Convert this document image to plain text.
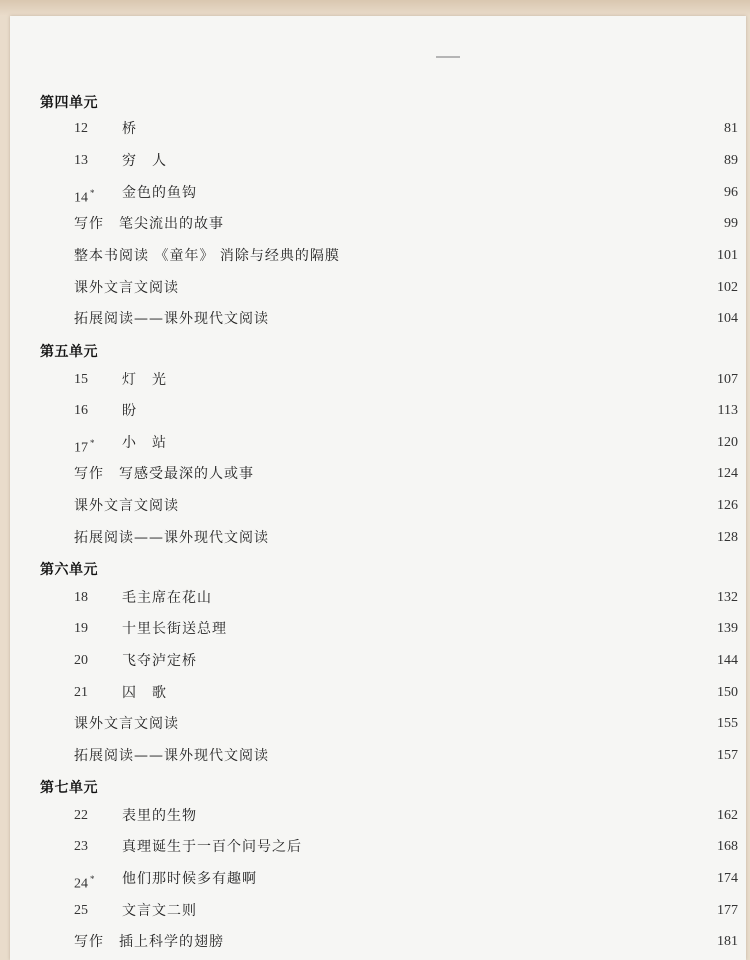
第四单元
12	桥	81
13	穷　人	89
14 *	金色的鱼钩	96
写作　笔尖流出的故事	99
整本书阅读 《童年》 消除与经典的隔膜	101
课外文言文阅读	102
拓展阅读——课外现代文阅读	104
第五单元
15	灯　光	107
16	盼	113
17 *	小　站	120
写作　写感受最深的人或事	124
课外文言文阅读	126
拓展阅读——课外现代文阅读	128
第六单元
18	毛主席在花山	132
19	十里长街送总理	139
20	飞夺泸定桥	144
21	囚　歌	150
课外文言文阅读	155
拓展阅读——课外现代文阅读	157
第七单元
22	表里的生物	162
23	真理诞生于一百个问号之后	168
24 *	他们那时候多有趣啊	174
25	文言文二则	177
写作　插上科学的翅膀	181
